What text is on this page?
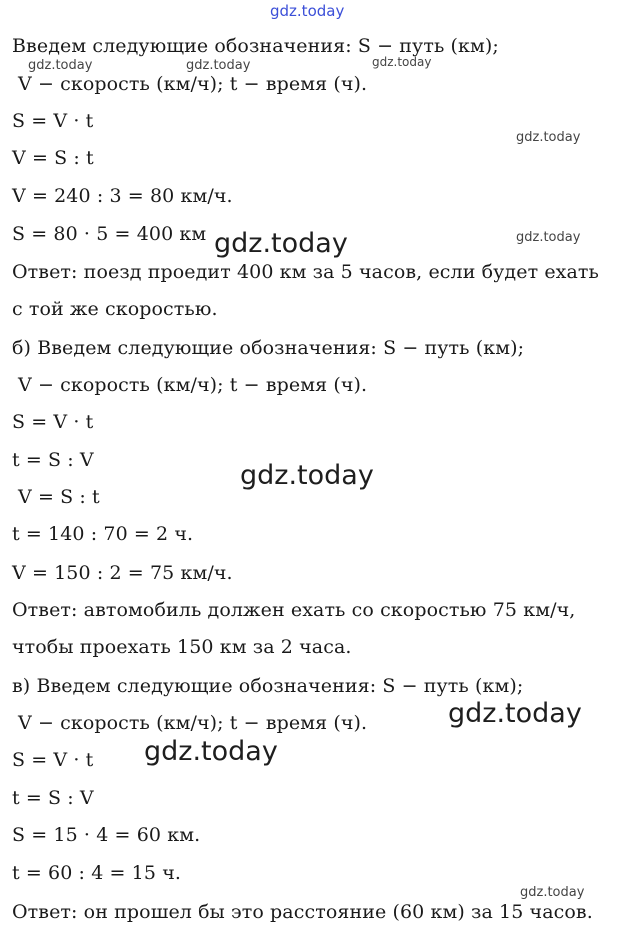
gdz.today
gdz.today	gdz.today	gdz.today
gdz.today
gdz.today	gdz.today
gdz.today
gdz.today
gdz.today
gdz.today
Введем следующие обозначения: S − путь (км);
V − скорость (км/ч); t − время (ч).
S = V · t
V = S : t
V = 240 : 3 = 80 км/ч.
S = 80 · 5 = 400 км
Ответ: поезд проедит 400 км за 5 часов, если будет ехать
с той же скоростью.
б) Введем следующие обозначения: S − путь (км);
V − скорость (км/ч); t − время (ч).
S = V · t
t = S : V
V = S : t
t = 140 : 70 = 2 ч.
V = 150 : 2 = 75 км/ч.
Ответ: автомобиль должен ехать со скоростью 75 км/ч,
чтобы проехать 150 км за 2 часа.
в) Введем следующие обозначения: S − путь (км);
V − скорость (км/ч); t − время (ч).
S = V · t
t = S : V
S = 15 · 4 = 60 км.
t = 60 : 4 = 15 ч.
Ответ: он прошел бы это расстояние (60 км) за 15 часов.
